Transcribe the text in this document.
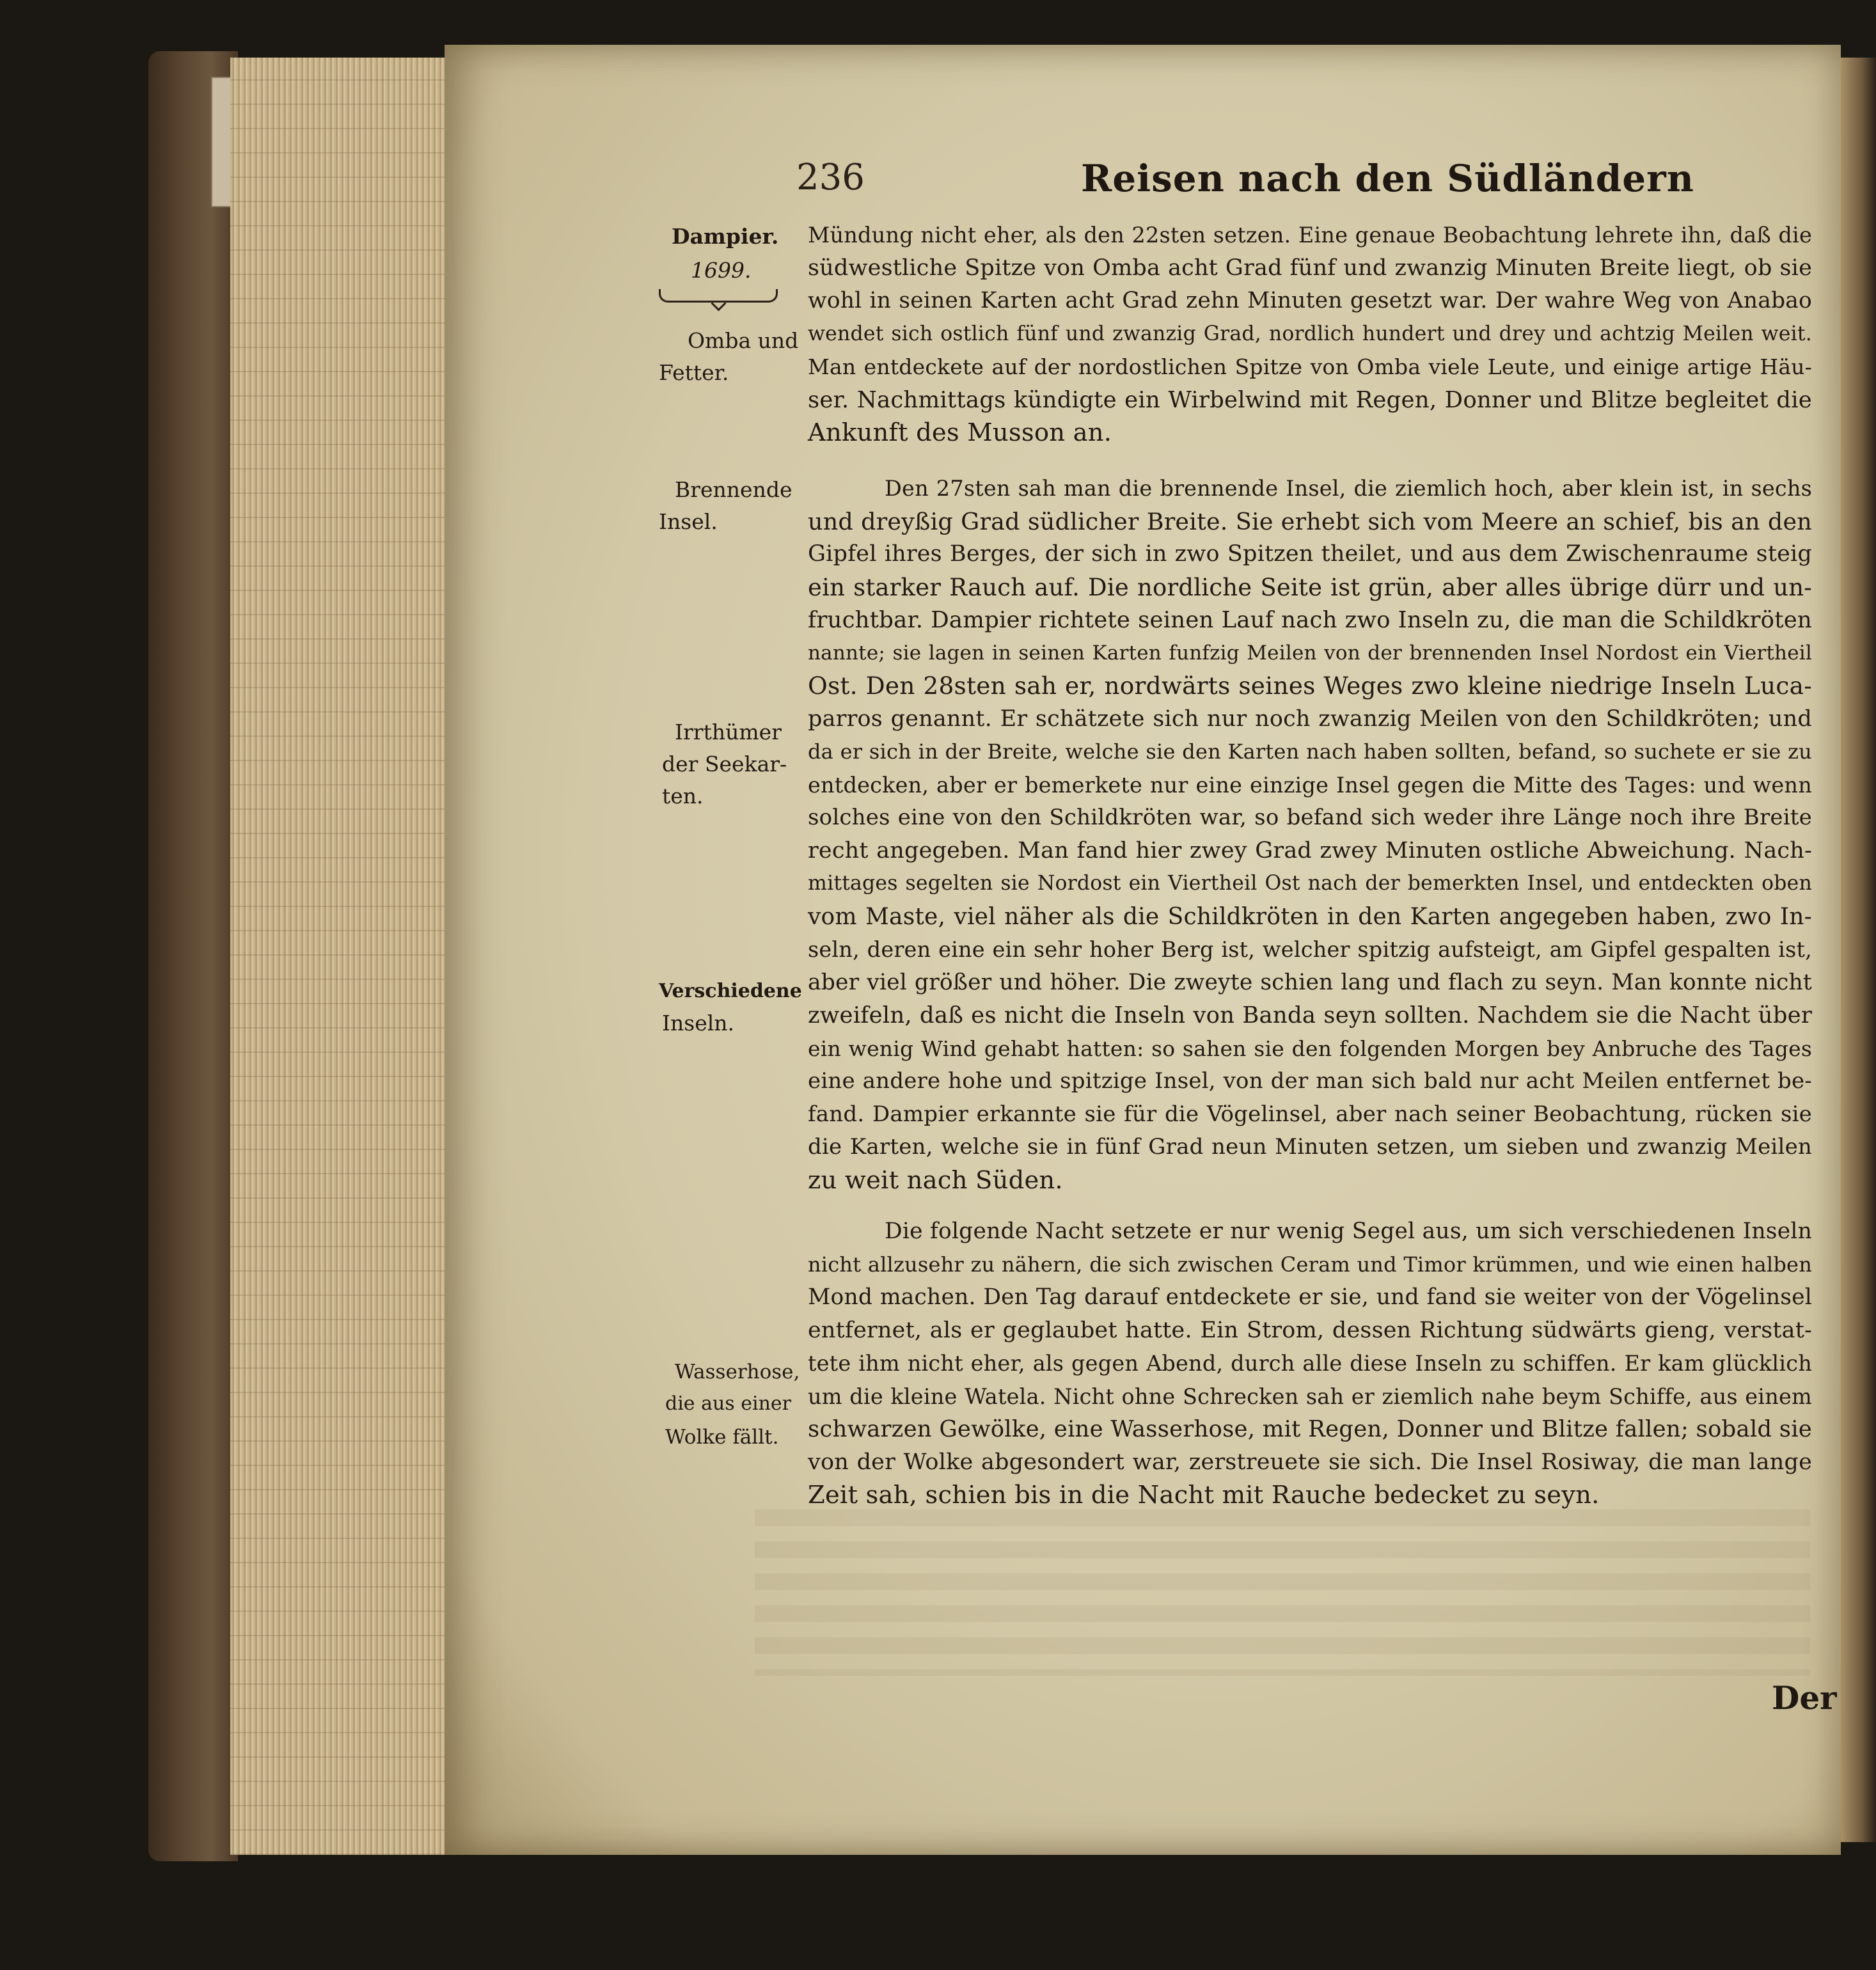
236	Reisen nach den Südländern
Dampier.
1699.
Omba und
Fetter.
Brennende
Insel.
Irrthümer
der Seekar-
ten.
Verschiedene
Inseln.
Wasserhose,
die aus einer
Wolke fällt.
Mündung nicht eher, als den 22sten setzen. Eine genaue Beobachtung lehrete ihn, daß die
südwestliche Spitze von Omba acht Grad fünf und zwanzig Minuten Breite liegt, ob sie
wohl in seinen Karten acht Grad zehn Minuten gesetzt war. Der wahre Weg von Anabao
wendet sich ostlich fünf und zwanzig Grad, nordlich hundert und drey und achtzig Meilen weit.
Man entdeckete auf der nordostlichen Spitze von Omba viele Leute, und einige artige Häu-
ser. Nachmittags kündigte ein Wirbelwind mit Regen, Donner und Blitze begleitet die
Ankunft des Musson an.
Den 27sten sah man die brennende Insel, die ziemlich hoch, aber klein ist, in sechs
und dreyßig Grad südlicher Breite. Sie erhebt sich vom Meere an schief, bis an den
Gipfel ihres Berges, der sich in zwo Spitzen theilet, und aus dem Zwischenraume steig
ein starker Rauch auf. Die nordliche Seite ist grün, aber alles übrige dürr und un-
fruchtbar. Dampier richtete seinen Lauf nach zwo Inseln zu, die man die Schildkröten
nannte; sie lagen in seinen Karten funfzig Meilen von der brennenden Insel Nordost ein Viertheil
Ost. Den 28sten sah er, nordwärts seines Weges zwo kleine niedrige Inseln Luca-
parros genannt. Er schätzete sich nur noch zwanzig Meilen von den Schildkröten; und
da er sich in der Breite, welche sie den Karten nach haben sollten, befand, so suchete er sie zu
entdecken, aber er bemerkete nur eine einzige Insel gegen die Mitte des Tages: und wenn
solches eine von den Schildkröten war, so befand sich weder ihre Länge noch ihre Breite
recht angegeben. Man fand hier zwey Grad zwey Minuten ostliche Abweichung. Nach-
mittages segelten sie Nordost ein Viertheil Ost nach der bemerkten Insel, und entdeckten oben
vom Maste, viel näher als die Schildkröten in den Karten angegeben haben, zwo In-
seln, deren eine ein sehr hoher Berg ist, welcher spitzig aufsteigt, am Gipfel gespalten ist,
aber viel größer und höher. Die zweyte schien lang und flach zu seyn. Man konnte nicht
zweifeln, daß es nicht die Inseln von Banda seyn sollten. Nachdem sie die Nacht über
ein wenig Wind gehabt hatten: so sahen sie den folgenden Morgen bey Anbruche des Tages
eine andere hohe und spitzige Insel, von der man sich bald nur acht Meilen entfernet be-
fand. Dampier erkannte sie für die Vögelinsel, aber nach seiner Beobachtung, rücken sie
die Karten, welche sie in fünf Grad neun Minuten setzen, um sieben und zwanzig Meilen
zu weit nach Süden.
Die folgende Nacht setzete er nur wenig Segel aus, um sich verschiedenen Inseln
nicht allzusehr zu nähern, die sich zwischen Ceram und Timor krümmen, und wie einen halben
Mond machen. Den Tag darauf entdeckete er sie, und fand sie weiter von der Vögelinsel
entfernet, als er geglaubet hatte. Ein Strom, dessen Richtung südwärts gieng, verstat-
tete ihm nicht eher, als gegen Abend, durch alle diese Inseln zu schiffen. Er kam glücklich
um die kleine Watela. Nicht ohne Schrecken sah er ziemlich nahe beym Schiffe, aus einem
schwarzen Gewölke, eine Wasserhose, mit Regen, Donner und Blitze fallen; sobald sie
von der Wolke abgesondert war, zerstreuete sie sich. Die Insel Rosiway, die man lange
Zeit sah, schien bis in die Nacht mit Rauche bedecket zu seyn.
Der
